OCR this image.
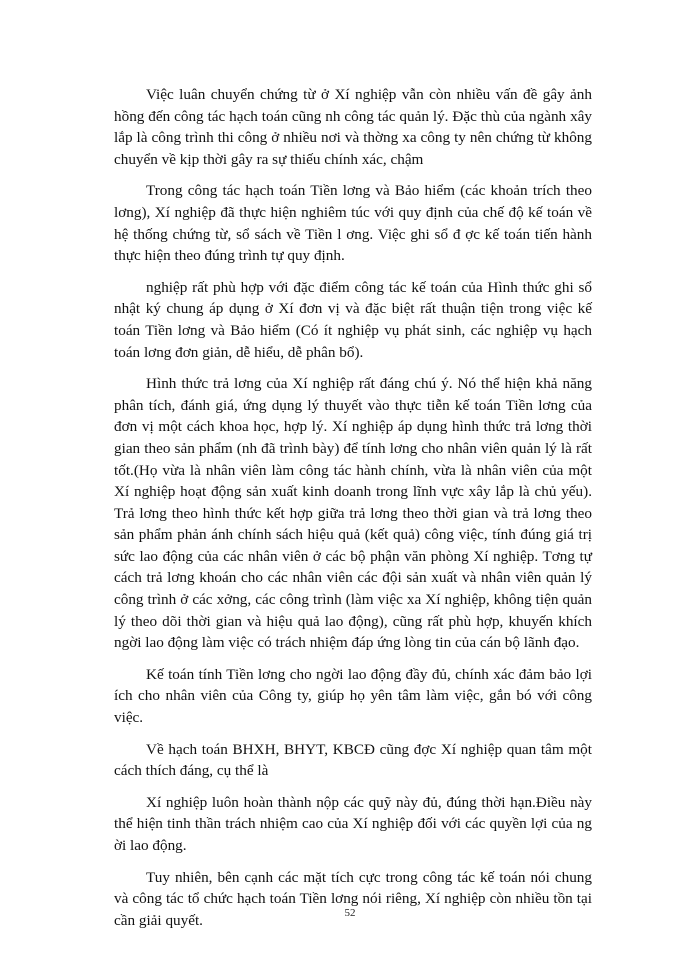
Việc luân chuyển chứng từ ở Xí nghiệp vẫn còn nhiều vấn đề gây ảnh hồng đến công tác hạch toán cũng nh công tác quản lý. Đặc thù của ngành xây lắp là công trình thi công ở nhiều nơi và thờng xa công ty nên chứng từ không chuyển về kịp thời gây ra sự thiếu chính xác, chậm

Trong công tác hạch toán Tiền lơng và Bảo hiểm (các khoản trích theo lơng), Xí nghiệp đã thực hiện nghiêm túc với quy định của chế độ kế toán về hệ thống chứng từ, sổ sách về Tiền l ơng. Việc ghi sổ đ ợc kế toán tiến hành thực hiện theo đúng trình tự quy định.

nghiệp rất phù hợp với đặc điểm công tác kế toán của Hình thức ghi sổ nhật ký chung áp dụng ở Xí đơn vị và đặc biệt rất thuận tiện trong việc kế toán Tiền lơng và Bảo hiểm (Có ít nghiệp vụ phát sinh, các nghiệp vụ hạch toán lơng đơn giản, dễ hiểu, dễ phân bổ).

Hình thức trả lơng của Xí nghiệp rất đáng chú ý. Nó thể hiện khả năng phân tích, đánh giá, ứng dụng lý thuyết vào thực tiễn kế toán Tiền lơng của đơn vị một cách khoa học, hợp lý. Xí nghiệp áp dụng hình thức trả lơng thời gian theo sản phẩm (nh đã trình bày) để tính lơng cho nhân viên quản lý là rất tốt.(Họ vừa là nhân viên làm công tác hành chính, vừa là nhân viên của một Xí nghiệp hoạt động sản xuất kinh doanh trong lĩnh vực xây lắp là chủ yếu). Trả lơng theo hình thức kết hợp giữa trả lơng theo thời gian và trả lơng theo sản phẩm phản ánh chính sách hiệu quả (kết quả) công việc, tính đúng giá trị sức lao động của các nhân viên ở các bộ phận văn phòng Xí nghiệp. Tơng tự cách trả lơng khoán cho các nhân viên các đội sản xuất và nhân viên quản lý công trình ở các xởng, các công trình (làm việc xa Xí nghiệp, không tiện quản lý theo dõi thời gian và hiệu quả lao động), cũng rất phù hợp, khuyến khích ngời lao động làm việc có trách nhiệm đáp ứng lòng tin của cán bộ lãnh đạo.

Kế toán tính Tiền lơng cho ngời lao động đầy đủ, chính xác đảm bảo lợi ích cho nhân viên của Công ty, giúp họ yên tâm làm việc, gắn bó với công việc.

Về hạch toán BHXH, BHYT, KBCĐ cũng đợc Xí nghiệp quan tâm một cách thích đáng, cụ thể là

Xí nghiệp luôn hoàn thành nộp các quỹ này đủ, đúng thời hạn.Điều này thể hiện tinh thần trách nhiệm cao của Xí nghiệp đối với các quyền lợi của ng ời lao động.

Tuy nhiên, bên cạnh các mặt tích cực trong công tác kế toán nói chung và công tác tổ chức hạch toán Tiền lơng nói riêng, Xí nghiệp còn nhiều tồn tại cần giải quyết.	52
